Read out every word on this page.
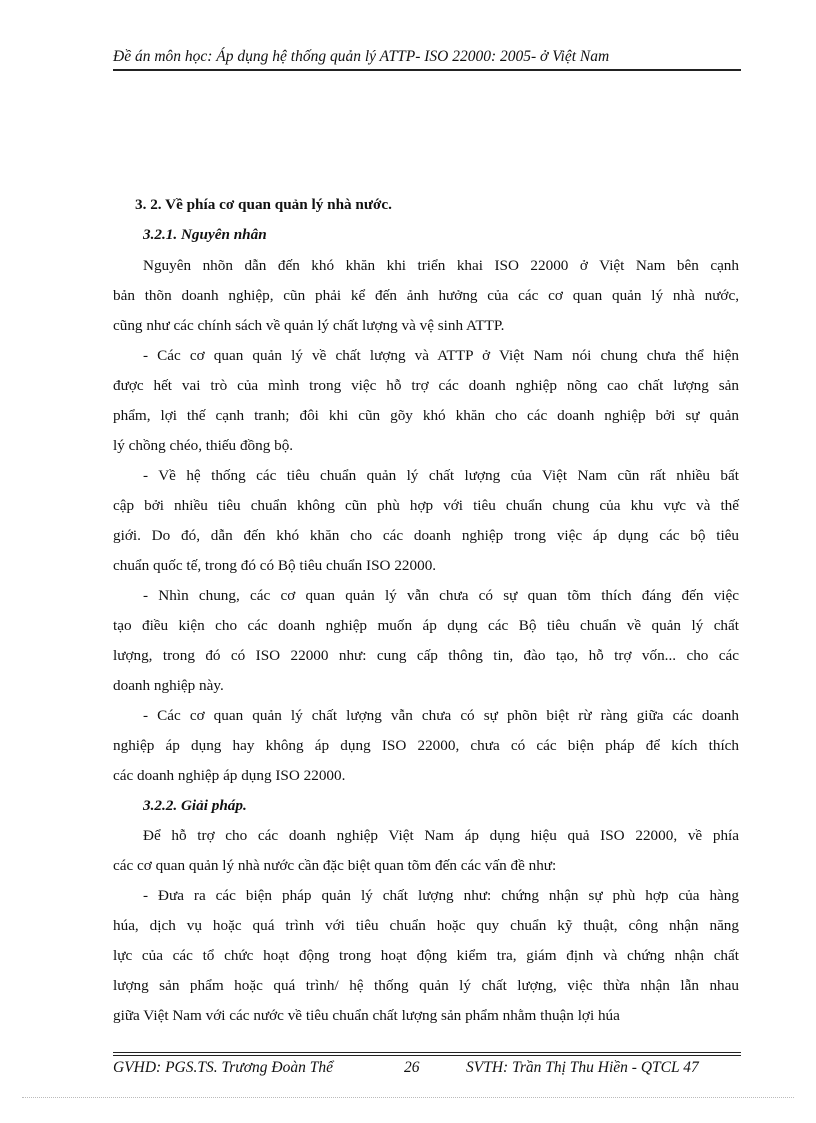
Đề án môn học: Áp dụng hệ thống quản lý ATTP- ISO 22000: 2005- ở Việt Nam
3. 2. Về phía cơ quan quản lý nhà nước.
3.2.1. Nguyên nhân
Nguyên nhõn dẫn đến khó khăn khi triển khai ISO 22000 ở Việt Nam bên cạnh
bản thõn doanh nghiệp, cũn phải kể đến ảnh hưởng của các cơ quan quản lý nhà nước,
cũng như các chính sách về quản lý chất lượng và vệ sinh ATTP.
- Các cơ quan quản lý về chất lượng và ATTP ở Việt Nam nói chung chưa thể hiện
được hết vai trò của mình trong việc hỗ trợ các doanh nghiệp nõng cao chất lượng sản
phẩm, lợi thế cạnh tranh; đôi khi cũn gõy khó khăn cho các doanh nghiệp bởi sự quản
lý chồng chéo, thiếu đồng bộ.
- Về hệ thống các tiêu chuẩn quản lý chất lượng của Việt Nam cũn rất nhiều bất
cập bởi nhiều tiêu chuẩn không cũn phù hợp với tiêu chuẩn chung của khu vực và thế
giới. Do đó, dẫn đến khó khăn cho các doanh nghiệp trong việc áp dụng các bộ tiêu
chuẩn quốc tế, trong đó có Bộ tiêu chuẩn ISO 22000.
- Nhìn chung, các cơ quan quản lý vẫn chưa có sự quan tõm thích đáng đến việc
tạo điều kiện cho các doanh nghiệp muốn áp dụng các Bộ tiêu chuẩn về quản lý chất
lượng, trong đó có ISO 22000 như: cung cấp thông tin, đào tạo, hỗ trợ vốn... cho các
doanh nghiệp này.
- Các cơ quan quản lý chất lượng vẫn chưa có sự phõn biệt rừ ràng giữa các doanh
nghiệp áp dụng hay không áp dụng ISO 22000, chưa có các biện pháp để kích thích
các doanh nghiệp áp dụng ISO 22000.
3.2.2. Giải pháp.
Để hỗ trợ cho các doanh nghiệp Việt Nam áp dụng hiệu quả ISO 22000, về phía
các cơ quan quản lý nhà nước cần đặc biệt quan tõm đến các vấn đề như:
- Đưa ra các biện pháp quản lý chất lượng như: chứng nhận sự phù hợp của hàng
húa, dịch vụ hoặc quá trình với tiêu chuẩn hoặc quy chuẩn kỹ thuật, công nhận năng
lực của các tổ chức hoạt động trong hoạt động kiểm tra, giám định và chứng nhận chất
lượng sản phẩm hoặc quá trình/ hệ thống quản lý chất lượng, việc thừa nhận lẫn nhau
giữa Việt Nam với các nước về tiêu chuẩn chất lượng sản phẩm nhằm thuận lợi húa
GVHD: PGS.TS. Trương Đoàn Thể	26	SVTH: Trần Thị Thu Hiền - QTCL 47
